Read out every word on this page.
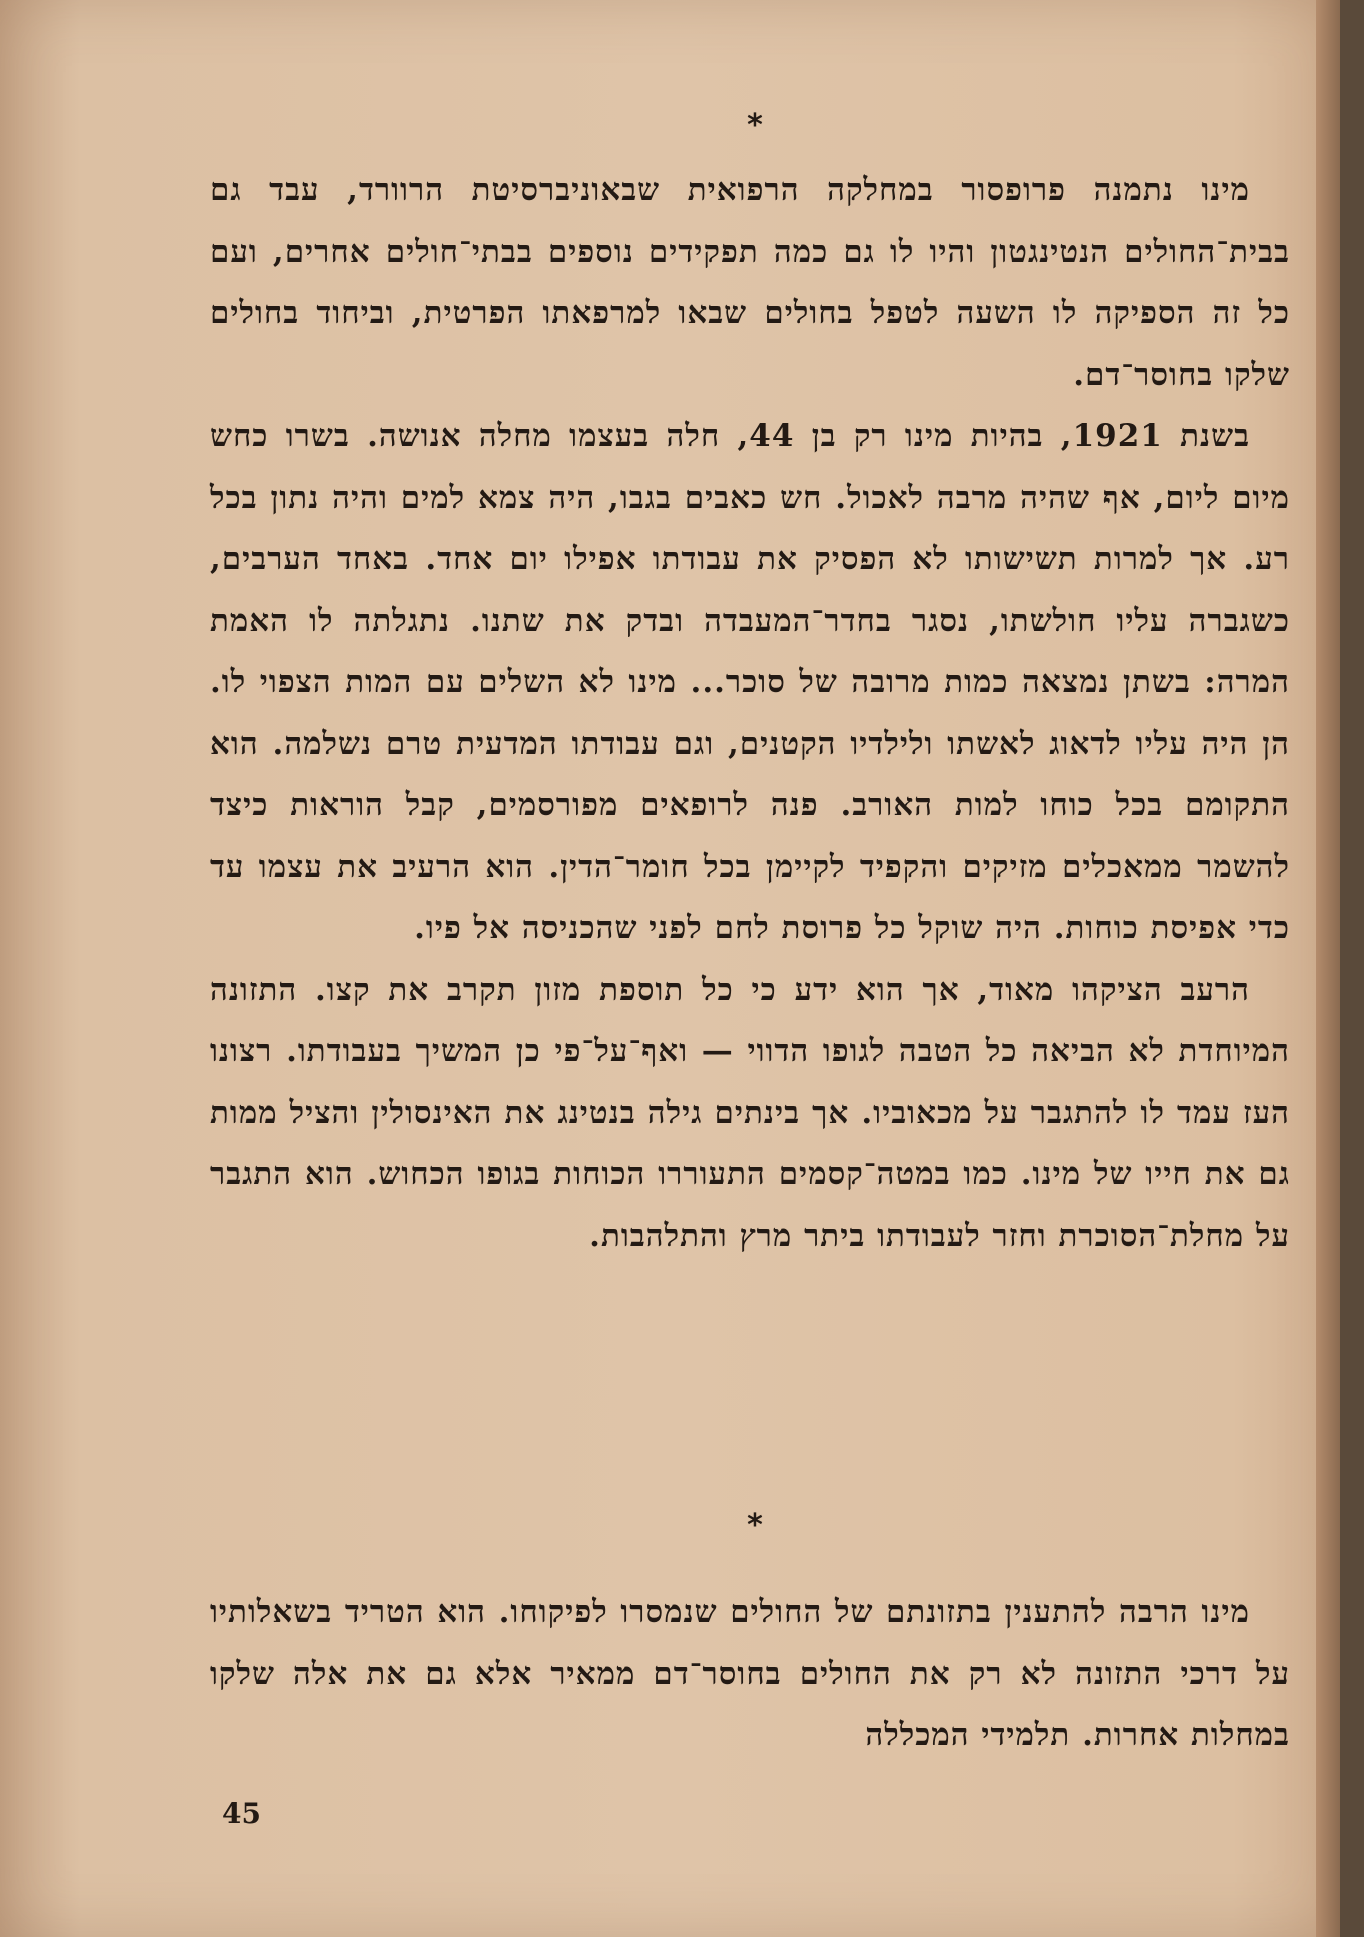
*

מינו נתמנה פרופסור במחלקה הרפואית שבאוניברסיטת הרוורד, עבד גם בבית־החולים הנטינגטון והיו לו גם כמה תפקידים נוספים בבתי־חולים אחרים, ועם כל זה הספיקה לו השעה לטפל בחולים שבאו למרפאתו הפרטית, וביחוד בחולים שלקו בחוסר־דם.

בשנת 1921, בהיות מינו רק בן 44, חלה בעצמו מחלה אנושה. בשרו כחש מיום ליום, אף שהיה מרבה לאכול. חש כאבים בגבו, היה צמא למים והיה נתון בכל רע. אך למרות תשישותו לא הפסיק את עבודתו אפילו יום אחד. באחד הערבים, כשגברה עליו חולשתו, נסגר בחדר־המעבדה ובדק את שתנו. נתגלתה לו האמת המרה: בשתן נמצאה כמות מרובה של סוכר... מינו לא השלים עם המות הצפוי לו. הן היה עליו לדאוג לאשתו ולילדיו הקטנים, וגם עבודתו המדעית טרם נשלמה. הוא התקומם בכל כוחו למות האורב. פנה לרופאים מפורסמים, קבל הוראות כיצד להשמר ממאכלים מזיקים והקפיד לקיימן בכל חומר־הדין. הוא הרעיב את עצמו עד כדי אפיסת כוחות. היה שוקל כל פרוסת לחם לפני שהכניסה אל פיו.

הרעב הציקהו מאוד, אך הוא ידע כי כל תוספת מזון תקרב את קצו. התזונה המיוחדת לא הביאה כל הטבה לגופו הדווי — ואף־על־פי כן המשיך בעבודתו. רצונו העז עמד לו להתגבר על מכאוביו. אך בינתים גילה בנטינג את האינסולין והציל ממות גם את חייו של מינו. כמו במטה־קסמים התעוררו הכוחות בגופו הכחוש. הוא התגבר על מחלת־הסוכרת וחזר לעבודתו ביתר מרץ והתלהבות.

*

מינו הרבה להתענין בתזונתם של החולים שנמסרו לפיקוחו. הוא הטריד בשאלותיו על דרכי התזונה לא רק את החולים בחוסר־דם ממאיר אלא גם את אלה שלקו במחלות אחרות. תלמידי המכללה

45
